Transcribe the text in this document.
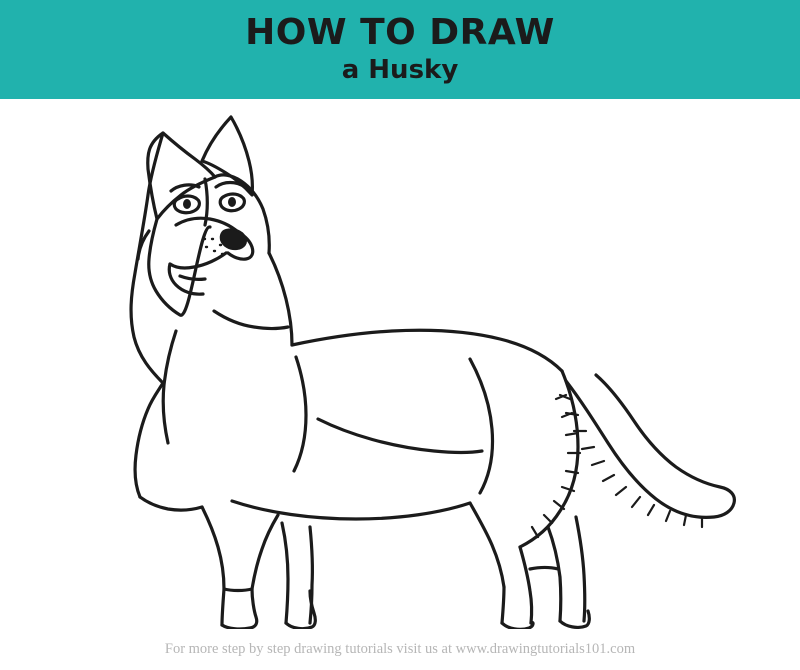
HOW TO DRAW
a Husky
For more step by step drawing tutorials visit us at www.drawingtutorials101.com
